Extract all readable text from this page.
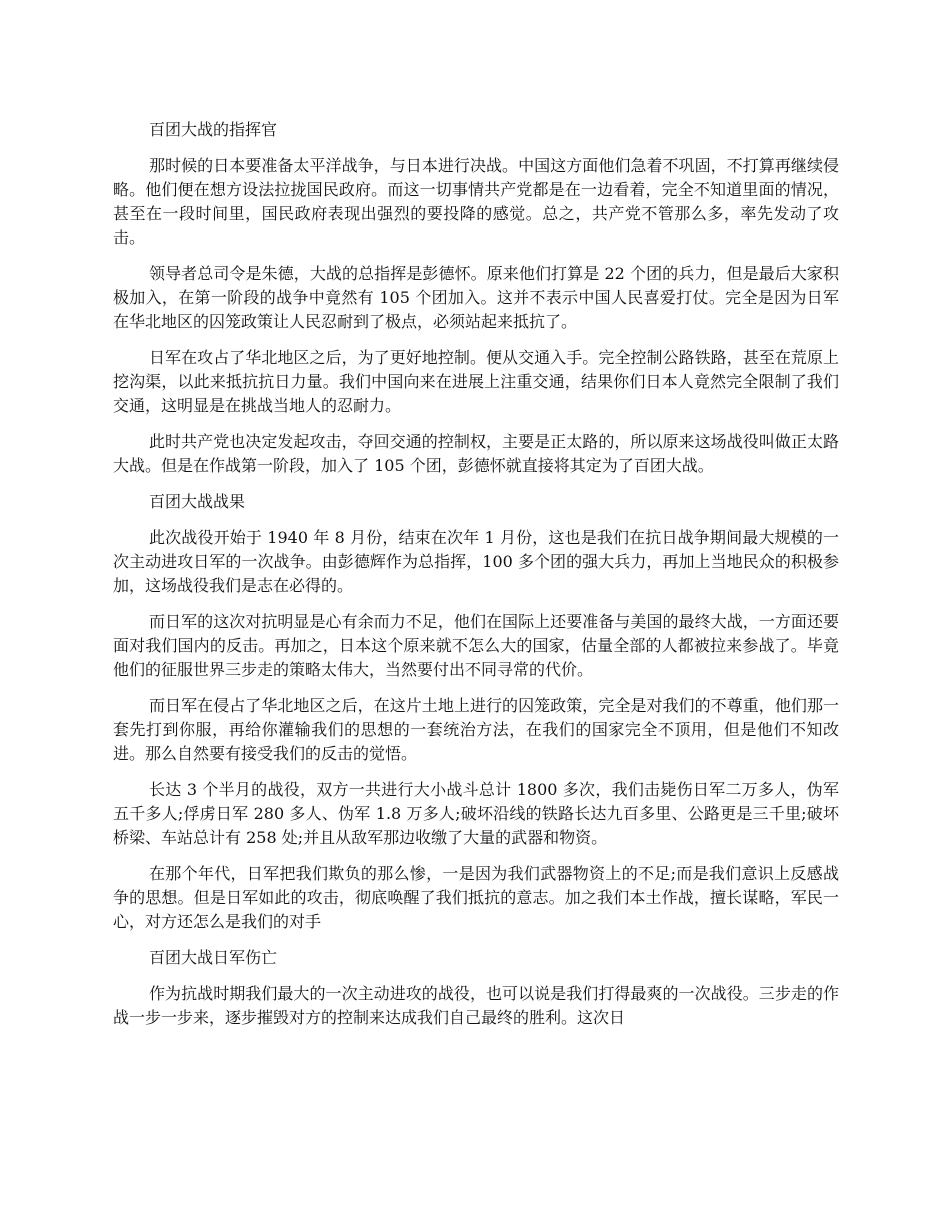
百团大战的指挥官

那时候的日本要准备太平洋战争，与日本进行决战。中国这方面他们急着不巩固，不打算再继续侵略。他们便在想方设法拉拢国民政府。而这一切事情共产党都是在一边看着，完全不知道里面的情况，甚至在一段时间里，国民政府表现出强烈的要投降的感觉。总之，共产党不管那么多，率先发动了攻击。

领导者总司令是朱德，大战的总指挥是彭德怀。原来他们打算是 22 个团的兵力，但是最后大家积极加入，在第一阶段的战争中竟然有 105 个团加入。这并不表示中国人民喜爱打仗。完全是因为日军在华北地区的囚笼政策让人民忍耐到了极点，必须站起来抵抗了。

日军在攻占了华北地区之后，为了更好地控制。便从交通入手。完全控制公路铁路，甚至在荒原上挖沟渠，以此来抵抗抗日力量。我们中国向来在进展上注重交通，结果你们日本人竟然完全限制了我们交通，这明显是在挑战当地人的忍耐力。

此时共产党也决定发起攻击，夺回交通的控制权，主要是正太路的，所以原来这场战役叫做正太路大战。但是在作战第一阶段，加入了 105 个团，彭德怀就直接将其定为了百团大战。

百团大战战果

此次战役开始于 1940 年 8 月份，结束在次年 1 月份，这也是我们在抗日战争期间最大规模的一次主动进攻日军的一次战争。由彭德辉作为总指挥，100 多个团的强大兵力，再加上当地民众的积极参加，这场战役我们是志在必得的。

而日军的这次对抗明显是心有余而力不足，他们在国际上还要准备与美国的最终大战，一方面还要面对我们国内的反击。再加之，日本这个原来就不怎么大的国家，估量全部的人都被拉来参战了。毕竟他们的征服世界三步走的策略太伟大，当然要付出不同寻常的代价。

而日军在侵占了华北地区之后，在这片土地上进行的囚笼政策，完全是对我们的不尊重，他们那一套先打到你服，再给你灌输我们的思想的一套统治方法，在我们的国家完全不顶用，但是他们不知改进。那么自然要有接受我们的反击的觉悟。

长达 3 个半月的战役，双方一共进行大小战斗总计 1800 多次，我们击毙伤日军二万多人，伪军五千多人;俘虏日军 280 多人、伪军 1.8 万多人;破坏沿线的铁路长达九百多里、公路更是三千里;破坏桥梁、车站总计有 258 处;并且从敌军那边收缴了大量的武器和物资。

在那个年代，日军把我们欺负的那么惨，一是因为我们武器物资上的不足;而是我们意识上反感战争的思想。但是日军如此的攻击，彻底唤醒了我们抵抗的意志。加之我们本土作战，擅长谋略，军民一心，对方还怎么是我们的对手

百团大战日军伤亡

作为抗战时期我们最大的一次主动进攻的战役，也可以说是我们打得最爽的一次战役。三步走的作战一步一步来，逐步摧毁对方的控制来达成我们自己最终的胜利。这次日
